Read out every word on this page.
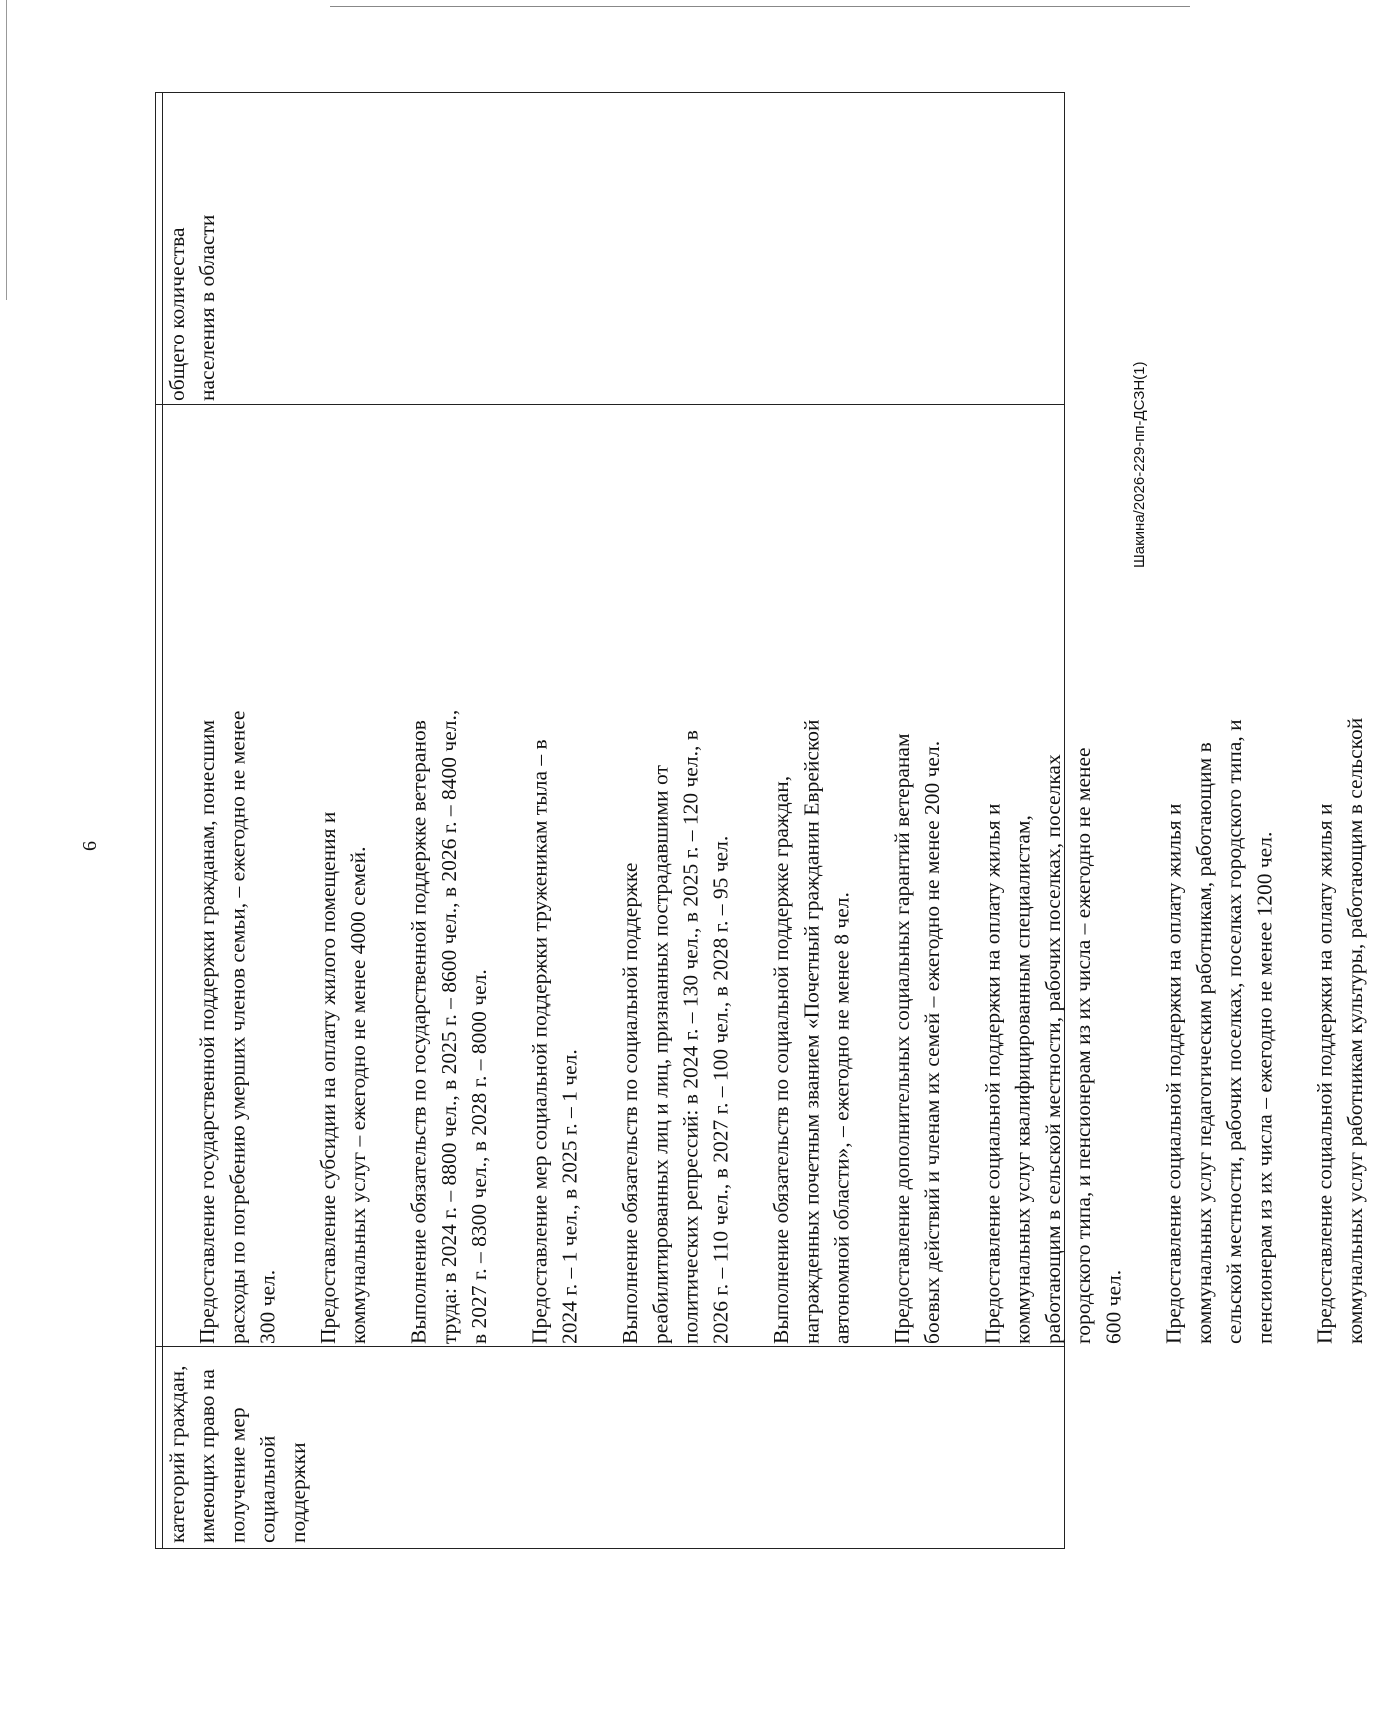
6
категорий граждан,
имеющих право на
получение мер
социальной поддержки

Предоставление государственной поддержки гражданам, понесшим
расходы по погребению умерших членов семьи, – ежегодно не менее
300 чел. Предоставление субсидии на оплату жилого помещения и
коммунальных услуг – ежегодно не менее 4000 семей.

Выполнение обязательств по государственной поддержке ветеранов
труда: в 2024 г. – 8800 чел., в 2025 г. – 8600 чел., в 2026 г. – 8400 чел.,
в 2027 г. – 8300 чел., в 2028 г. – 8000 чел.

Предоставление мер социальной поддержки труженикам тыла – в
2024 г. – 1 чел., в 2025 г. – 1 чел.

Выполнение обязательств по социальной поддержке
реабилитированных лиц и лиц, признанных пострадавшими от
политических репрессий: в 2024 г. – 130 чел., в 2025 г. – 120 чел., в
2026 г. – 110 чел., в 2027 г. – 100 чел., в 2028 г. – 95 чел.

Выполнение обязательств по социальной поддержке граждан,
награжденных почетным званием «Почетный гражданин Еврейской
автономной области», – ежегодно не менее 8 чел.

Предоставление дополнительных социальных гарантий ветеранам
боевых действий и членам их семей – ежегодно не менее 200 чел.

Предоставление социальной поддержки на оплату жилья и
коммунальных услуг квалифицированным специалистам,
работающим в сельской местности, рабочих поселках, поселках
городского типа, и пенсионерам из их числа – ежегодно не менее
600 чел. Предоставление социальной поддержки на оплату жилья и
коммунальных услуг педагогическим работникам, работающим в
сельской местности, рабочих поселках, поселках городского типа, и
пенсионерам из их числа – ежегодно не менее 1200 чел.

Предоставление социальной поддержки на оплату жилья и
коммунальных услуг работникам культуры, работающим в сельской

общего количества
населения в области
Шакина/2026-229-пп-ДСЗН(1)
